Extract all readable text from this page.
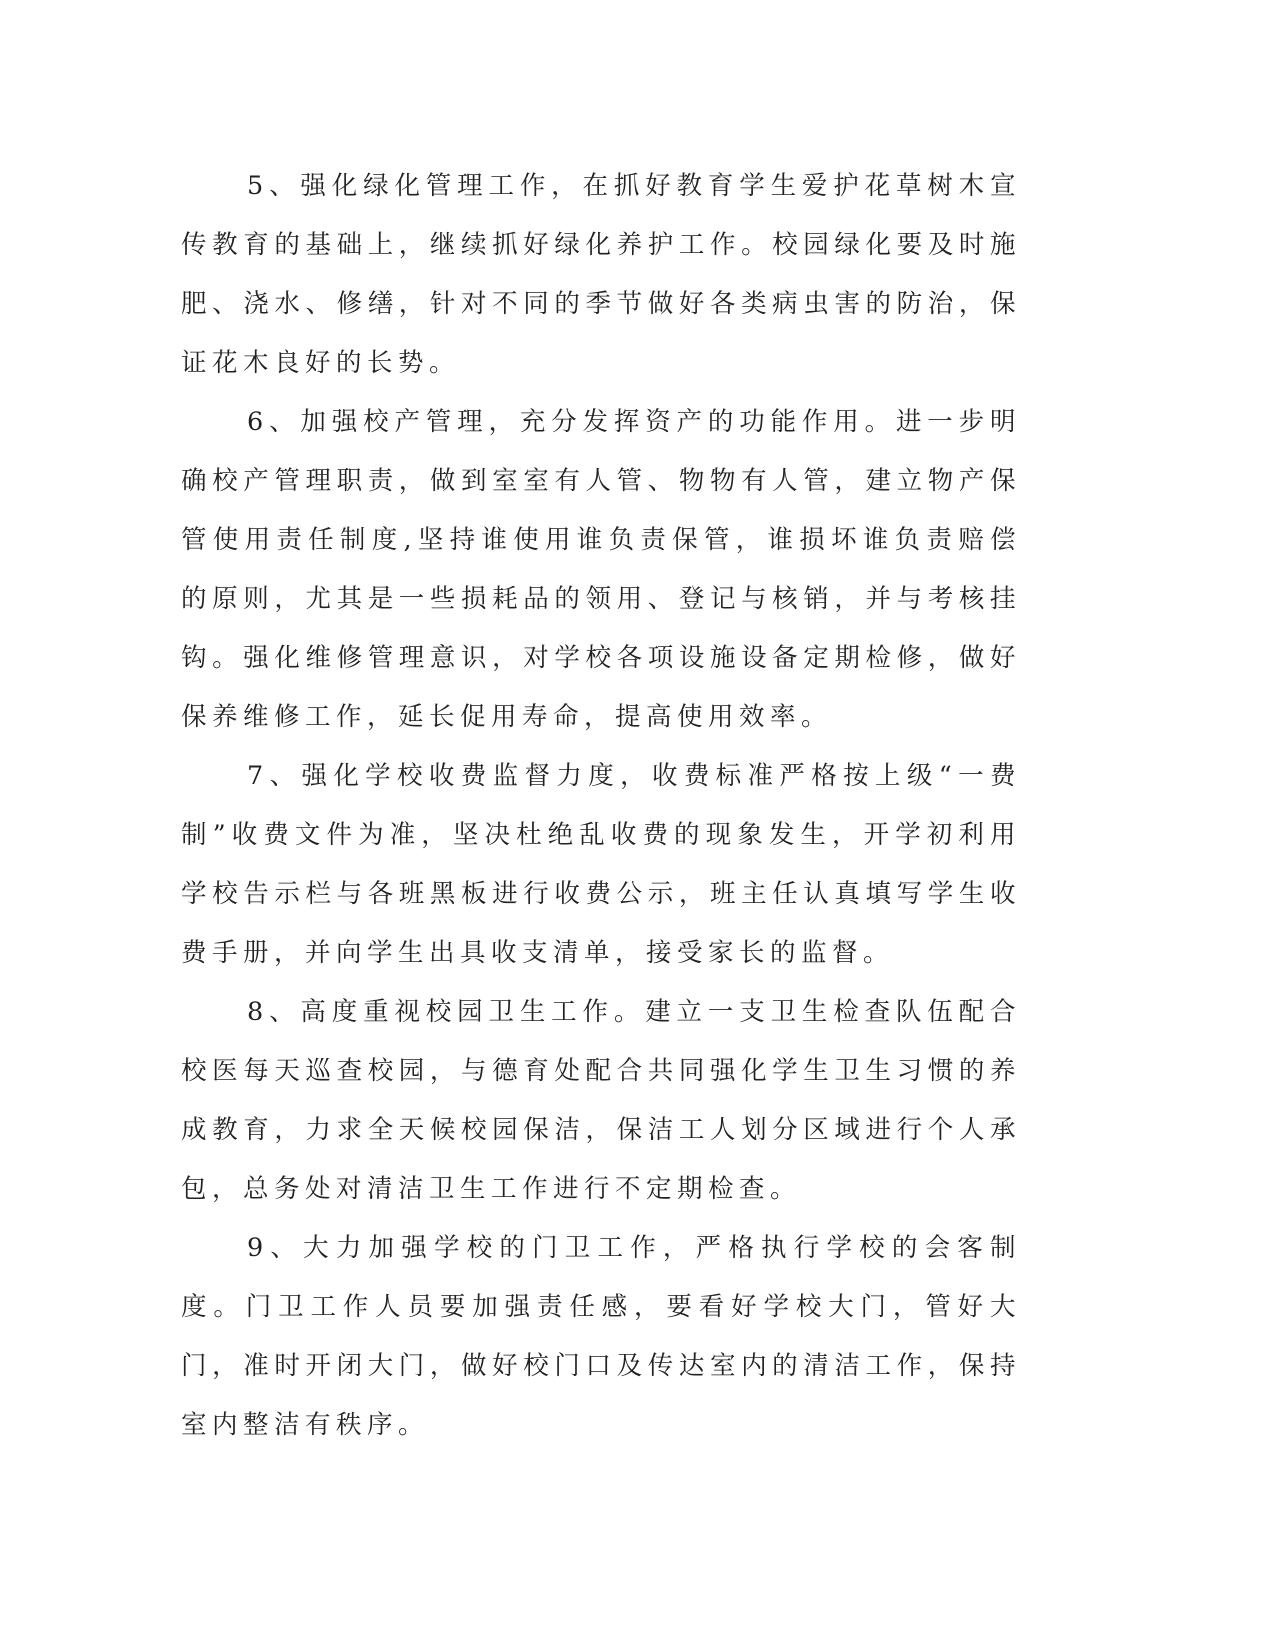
5、强化绿化管理工作，在抓好教育学生爱护花草树木宣传教育的基础上，继续抓好绿化养护工作。校园绿化要及时施肥、浇水、修缮，针对不同的季节做好各类病虫害的防治，保证花木良好的长势。

6、加强校产管理，充分发挥资产的功能作用。进一步明确校产管理职责，做到室室有人管、物物有人管，建立物产保管使用责任制度,坚持谁使用谁负责保管，谁损坏谁负责赔偿的原则，尤其是一些损耗品的领用、登记与核销，并与考核挂钩。强化维修管理意识，对学校各项设施设备定期检修，做好保养维修工作，延长促用寿命，提高使用效率。

7、强化学校收费监督力度，收费标准严格按上级“一费制”收费文件为准，坚决杜绝乱收费的现象发生，开学初利用学校告示栏与各班黑板进行收费公示，班主任认真填写学生收费手册，并向学生出具收支清单，接受家长的监督。

8、高度重视校园卫生工作。建立一支卫生检查队伍配合校医每天巡查校园，与德育处配合共同强化学生卫生习惯的养成教育，力求全天候校园保洁，保洁工人划分区域进行个人承包，总务处对清洁卫生工作进行不定期检查。

9、大力加强学校的门卫工作，严格执行学校的会客制度。门卫工作人员要加强责任感，要看好学校大门，管好大门，准时开闭大门，做好校门口及传达室内的清洁工作，保持室内整洁有秩序。
